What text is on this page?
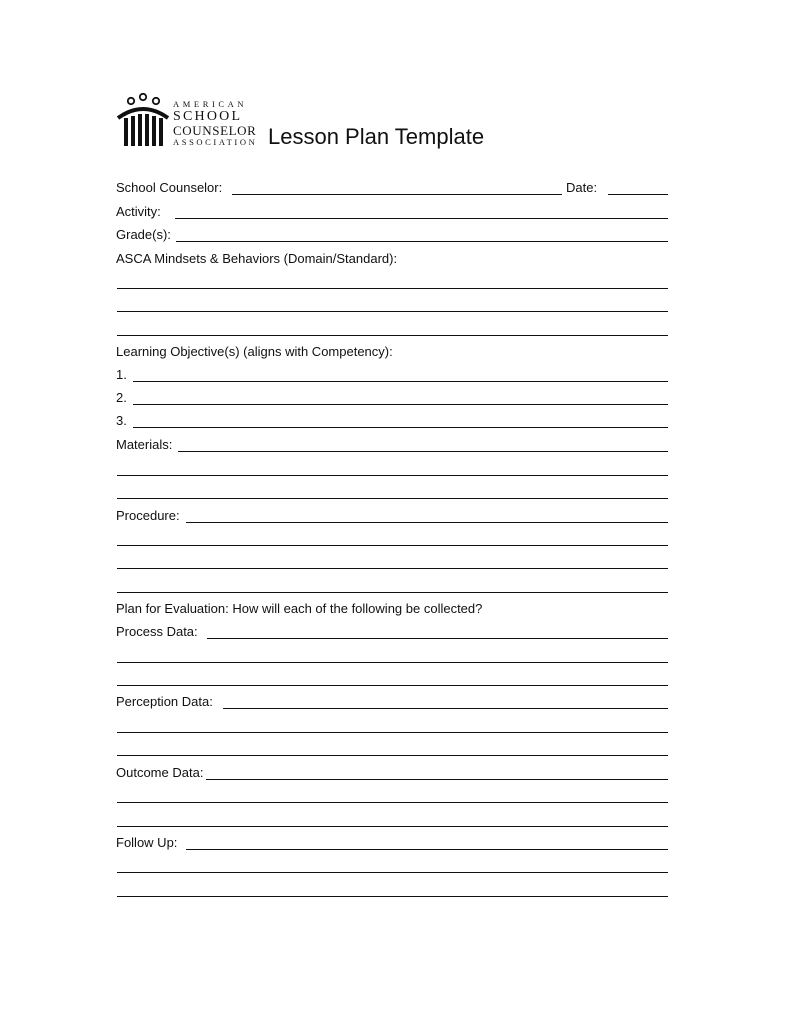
AMERICAN
SCHOOL
COUNSELOR
ASSOCIATION Lesson Plan Template
School Counselor:	Date:
Activity:
Grade(s):
ASCA Mindsets & Behaviors (Domain/Standard):
Learning Objective(s) (aligns with Competency):
1.
2.
3.
Materials:
Procedure:
Plan for Evaluation: How will each of the following be collected?
Process Data:
Perception Data:
Outcome Data:
Follow Up:
